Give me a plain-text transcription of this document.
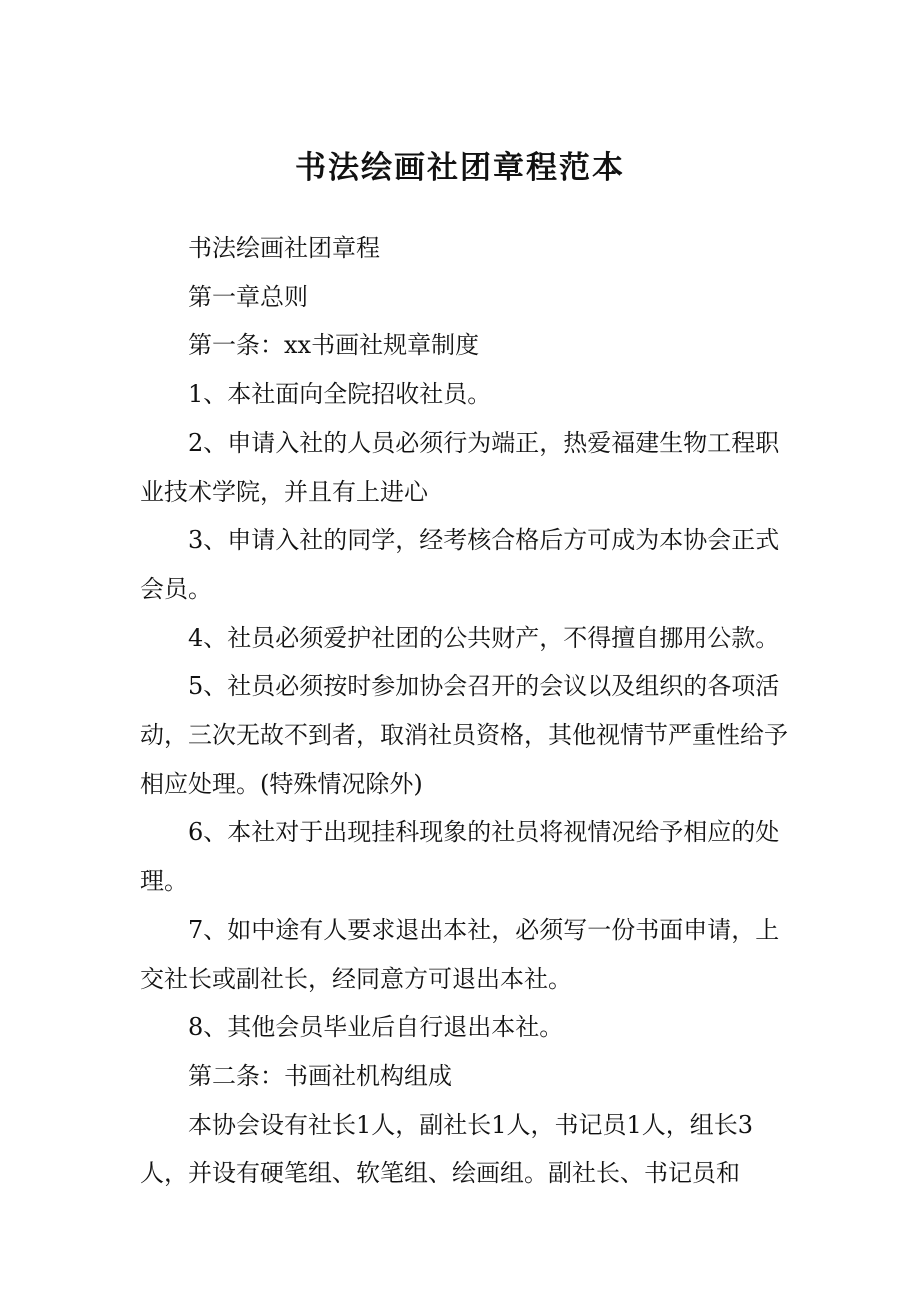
书法绘画社团章程范本

书法绘画社团章程

第一章总则

第一条：xx书画社规章制度

1、本社面向全院招收社员。

2、申请入社的人员必须行为端正，热爱福建生物工程职业技术学院，并且有上进心

3、申请入社的同学，经考核合格后方可成为本协会正式会员。

4、社员必须爱护社团的公共财产，不得擅自挪用公款。

5、社员必须按时参加协会召开的会议以及组织的各项活动，三次无故不到者，取消社员资格，其他视情节严重性给予相应处理。(特殊情况除外)

6、本社对于出现挂科现象的社员将视情况给予相应的处理。

7、如中途有人要求退出本社，必须写一份书面申请，上交社长或副社长，经同意方可退出本社。

8、其他会员毕业后自行退出本社。

第二条：书画社机构组成

本协会设有社长1人，副社长1人，书记员1人，组长3人，并设有硬笔组、软笔组、绘画组。副社长、书记员和
